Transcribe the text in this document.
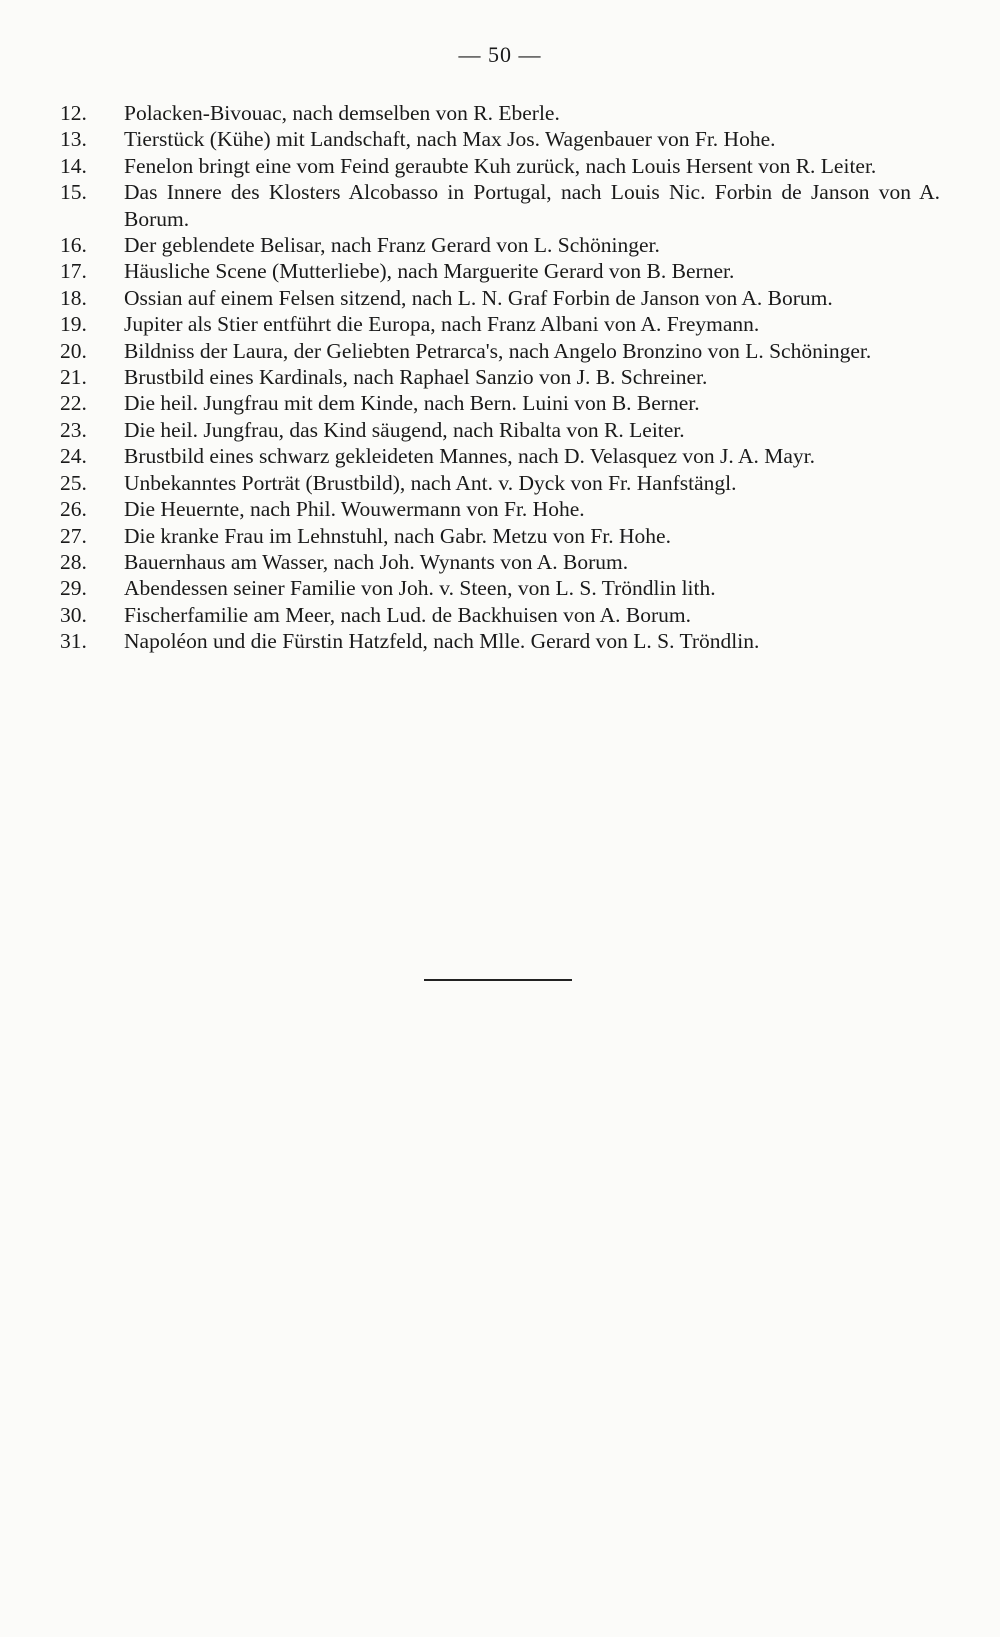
— 50 —
12.	Polacken-Bivouac, nach demselben von R. Eberle.
13.	Tierstück (Kühe) mit Landschaft, nach Max Jos. Wagenbauer von Fr. Hohe.
14.	Fenelon bringt eine vom Feind geraubte Kuh zurück, nach Louis Hersent von R. Leiter.
15.	Das Innere des Klosters Alcobasso in Portugal, nach Louis Nic. Forbin de Janson von A. Borum.
16.	Der geblendete Belisar, nach Franz Gerard von L. Schöninger.
17.	Häusliche Scene (Mutterliebe), nach Marguerite Gerard von B. Berner.
18.	Ossian auf einem Felsen sitzend, nach L. N. Graf Forbin de Janson von A. Borum.
19.	Jupiter als Stier entführt die Europa, nach Franz Albani von A. Freymann.
20.	Bildniss der Laura, der Geliebten Petrarca's, nach Angelo Bronzino von L. Schöninger.
21.	Brustbild eines Kardinals, nach Raphael Sanzio von J. B. Schreiner.
22.	Die heil. Jungfrau mit dem Kinde, nach Bern. Luini von B. Berner.
23.	Die heil. Jungfrau, das Kind säugend, nach Ribalta von R. Leiter.
24.	Brustbild eines schwarz gekleideten Mannes, nach D. Velasquez von J. A. Mayr.
25.	Unbekanntes Porträt (Brustbild), nach Ant. v. Dyck von Fr. Hanfstängl.
26.	Die Heuernte, nach Phil. Wouwermann von Fr. Hohe.
27.	Die kranke Frau im Lehnstuhl, nach Gabr. Metzu von Fr. Hohe.
28.	Bauernhaus am Wasser, nach Joh. Wynants von A. Borum.
29.	Abendessen seiner Familie von Joh. v. Steen, von L. S. Tröndlin lith.
30.	Fischerfamilie am Meer, nach Lud. de Backhuisen von A. Borum.
31.	Napoléon und die Fürstin Hatzfeld, nach Mlle. Gerard von L. S. Tröndlin.
